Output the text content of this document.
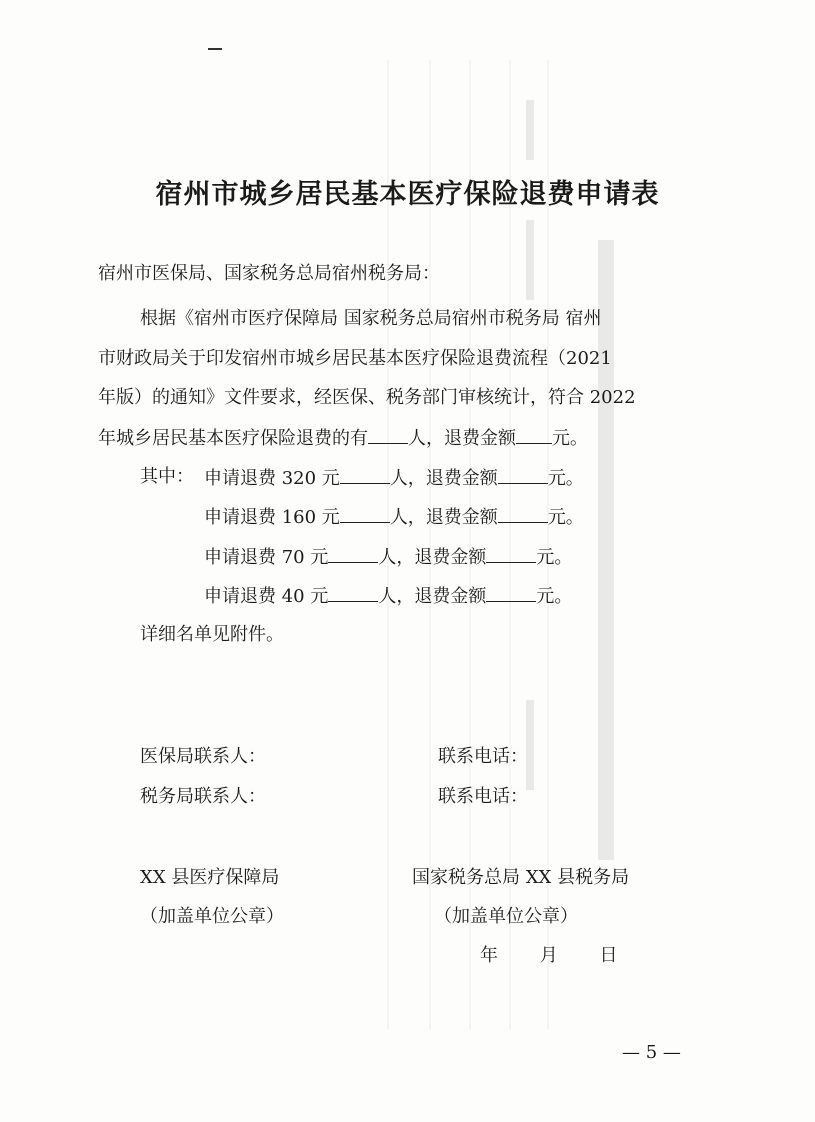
宿州市城乡居民基本医疗保险退费申请表
宿州市医保局、国家税务总局宿州税务局：
根据《宿州市医疗保障局 国家税务总局宿州市税务局 宿州
市财政局关于印发宿州市城乡居民基本医疗保险退费流程（2021
年版）的通知》文件要求，经医保、税务部门审核统计，符合 2022
年城乡居民基本医疗保险退费的有 人，退费金额 元。
其中： 申请退费 320 元	人，退费金额	元。
申请退费 160 元	人，退费金额	元。
申请退费 70 元	人，退费金额	元。
申请退费 40 元	人，退费金额	元。
详细名单见附件。
医保局联系人：	联系电话：
税务局联系人：	联系电话：
XX 县医疗保障局
（加盖单位公章）
国家税务总局 XX 县税务局
（加盖单位公章）
年 　　月 　　日
— 5 —
